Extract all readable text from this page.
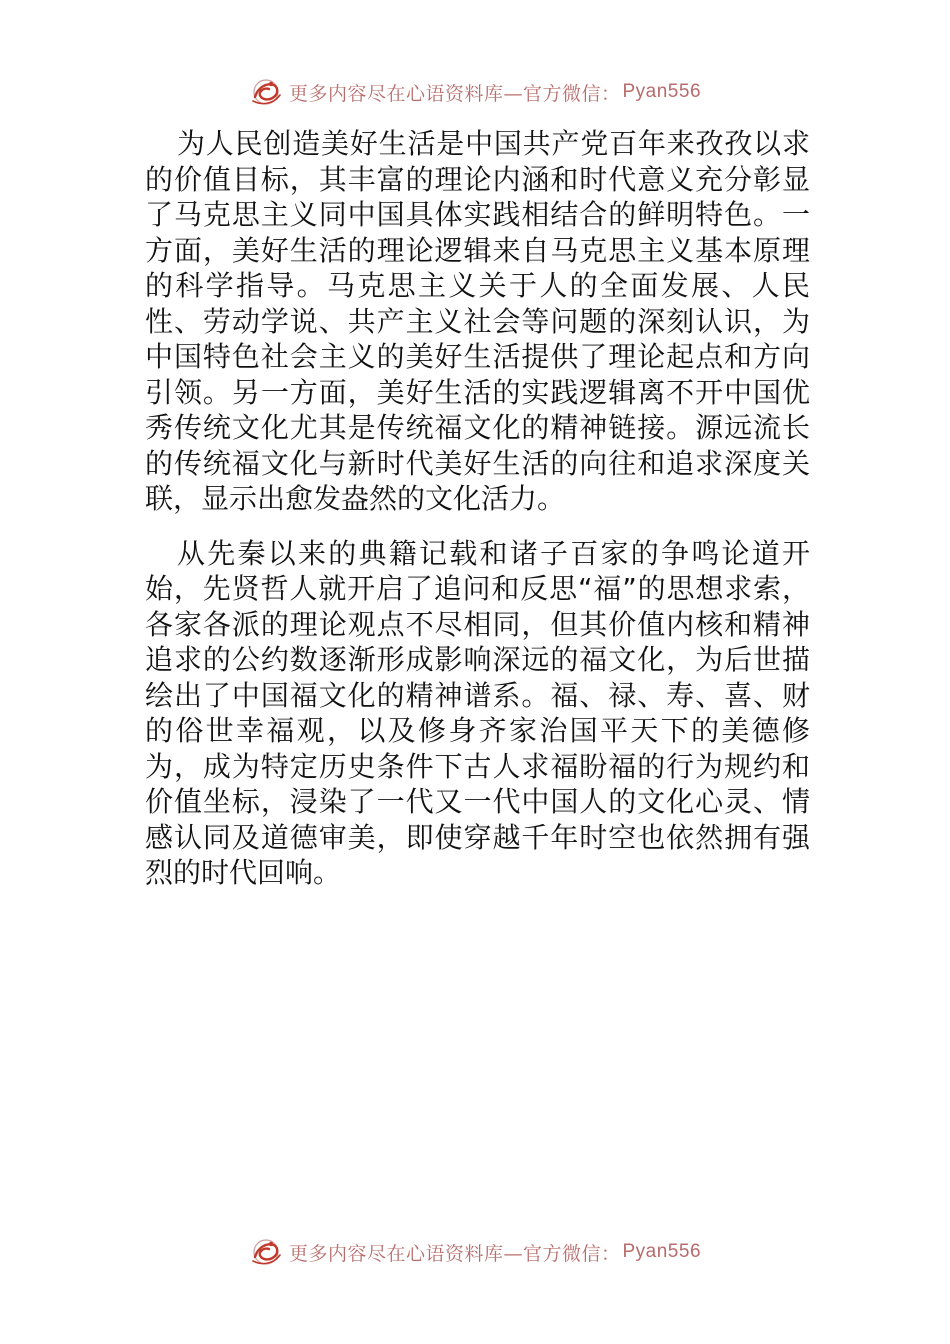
更多内容尽在心语资料库—官方微信： Pyan556

为人民创造美好生活是中国共产党百年来孜孜以求的价值目标，其丰富的理论内涵和时代意义充分彰显了马克思主义同中国具体实践相结合的鲜明特色。一方面，美好生活的理论逻辑来自马克思主义基本原理的科学指导。马克思主义关于人的全面发展、人民性、劳动学说、共产主义社会等问题的深刻认识，为中国特色社会主义的美好生活提供了理论起点和方向引领。另一方面，美好生活的实践逻辑离不开中国优秀传统文化尤其是传统福文化的精神链接。源远流长的传统福文化与新时代美好生活的向往和追求深度关联，显示出愈发盎然的文化活力。

从先秦以来的典籍记载和诸子百家的争鸣论道开始，先贤哲人就开启了追问和反思“福”的思想求索，各家各派的理论观点不尽相同，但其价值内核和精神追求的公约数逐渐形成影响深远的福文化，为后世描绘出了中国福文化的精神谱系。福、禄、寿、喜、财的俗世幸福观，以及修身齐家治国平天下的美德修为，成为特定历史条件下古人求福盼福的行为规约和价值坐标，浸染了一代又一代中国人的文化心灵、情感认同及道德审美，即使穿越千年时空也依然拥有强烈的时代回响。

更多内容尽在心语资料库—官方微信： Pyan556
